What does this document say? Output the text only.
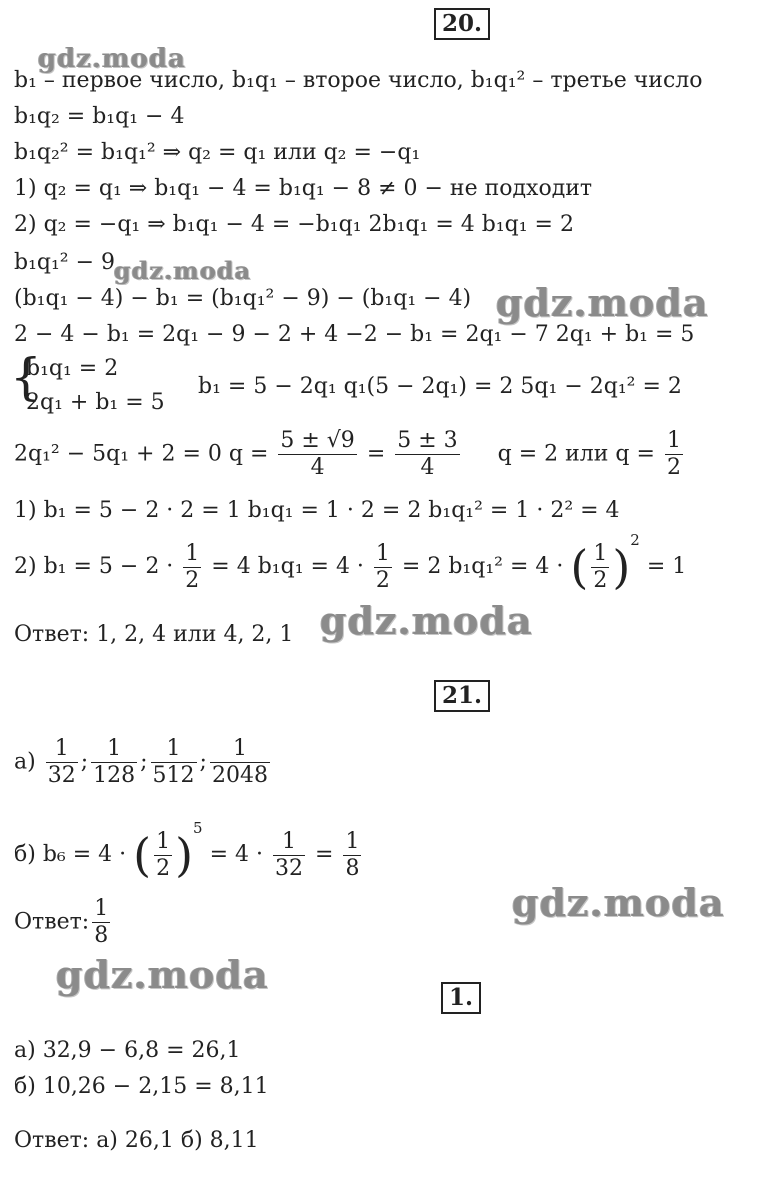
20.
b₁ – первое число, b₁q₁ – второе число, b₁q₁² – третье число
b₁q₂ = b₁q₁ − 4
b₁q₂² = b₁q₁² ⇒ q₂ = q₁ или q₂ = −q₁
1) q₂ = q₁ ⇒ b₁q₁ − 4 = b₁q₁ − 8 ≠ 0 − не подходит
2) q₂ = −q₁ ⇒ b₁q₁ − 4 = −b₁q₁ 2b₁q₁ = 4 b₁q₁ = 2
b₁q₁² − 9
(b₁q₁ − 4) − b₁ = (b₁q₁² − 9) − (b₁q₁ − 4)
2 − 4 − b₁ = 2q₁ − 9 − 2 + 4 −2 − b₁ = 2q₁ − 7 2q₁ + b₁ = 5
{
b₁q₁ = 2
2q₁ + b₁ = 5
b₁ = 5 − 2q₁ q₁(5 − 2q₁) = 2 5q₁ − 2q₁² = 2
2q₁² − 5q₁ + 2 = 0 $q = \frac{5 \pm √9}{4} = \frac{5 \pm 3}{4}$ q = 2 или $q = \frac{1}{2}$
1) b₁ = 5 − 2 · 2 = 1 b₁q₁ = 1 · 2 = 2 b₁q₁² = 1 · 2² = 4
2) $b_1 = 5 - 2 \cdot \frac{1}{2} = 4$ $b_1q_1 = 4 \cdot \frac{1}{2} = 2$ b₁q₁² = 4 · ( $\frac{1}{2} )^2 = 1$
Ответ: 1, 2, 4 или 4, 2, 1
21.
$а) \frac{1}{32}$ ; $\frac{1}{128}$ ; $\frac{1}{512}$ ; $\frac{1}{2048}$
б) b₆ = 4 · ( $\frac{1}{2} )^5 = 4 \cdot \frac{1}{32} = \frac{1}{8}$
Ответ: $\frac{1}{8}$
1.
а) 32,9 − 6,8 = 26,1
б) 10,26 − 2,15 = 8,11
Ответ: а) 26,1 б) 8,11
gdz.moda
gdz.moda
gdz.moda
gdz.moda
gdz.moda
gdz.moda
